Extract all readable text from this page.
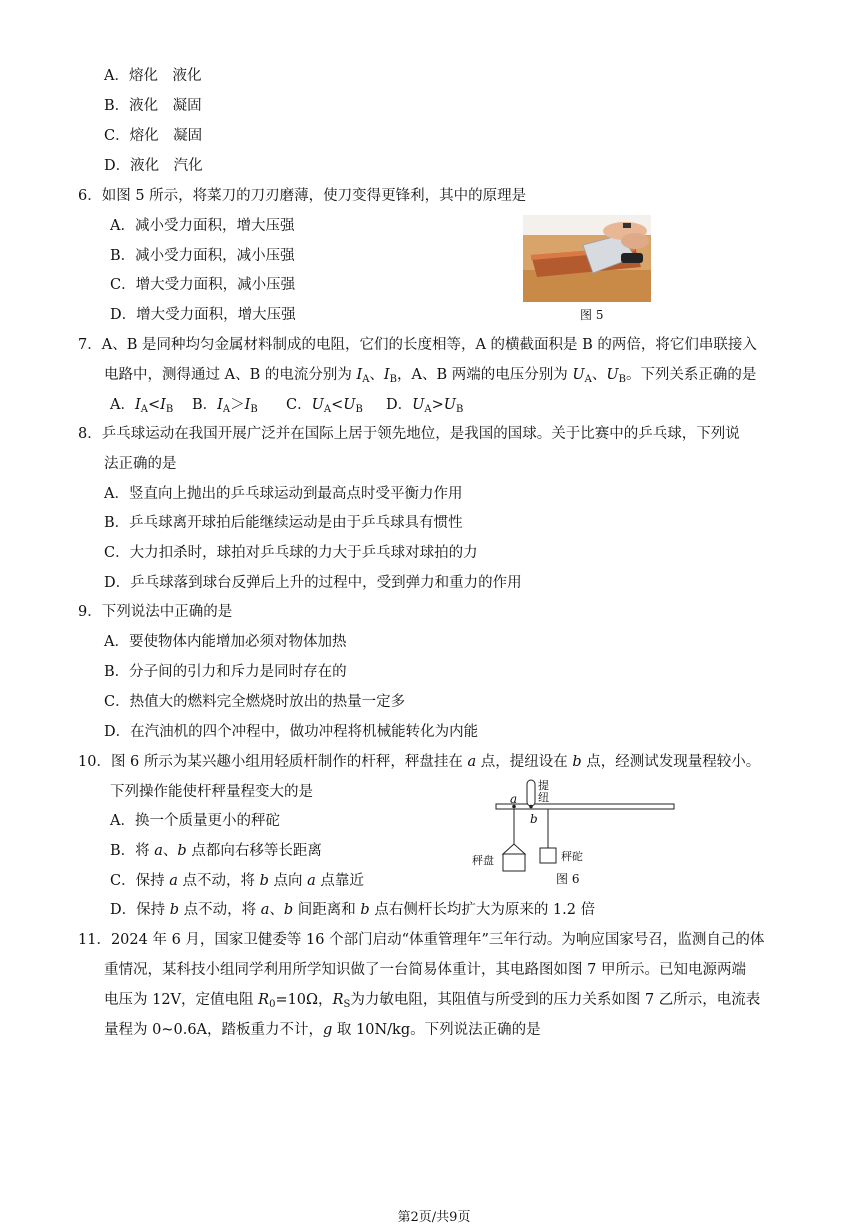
A．熔化　液化
B．液化　凝固
C．熔化　凝固
D．液化　汽化
6．如图 5 所示，将菜刀的刀刃磨薄，使刀变得更锋利，其中的原理是
A．减小受力面积，增大压强
B．减小受力面积，减小压强
C．增大受力面积，减小压强
D．增大受力面积，增大压强	图 5
7．A、B 是同种均匀金属材料制成的电阻，它们的长度相等，A 的横截面积是 B 的两倍，将它们串联接入
电路中，测得通过 A、B 的电流分别为 $I_A$、$I_B$，A、B 两端的电压分别为 $U_A$、$U_B$。下列关系正确的是
A．$I_A<I_B$ B．$I_A>I_B$ C．$U_A<U_B$ D．$U_A>U_B$
8．乒乓球运动在我国开展广泛并在国际上居于领先地位，是我国的国球。关于比赛中的乒乓球，下列说
法正确的是
A．竖直向上抛出的乒乓球运动到最高点时受平衡力作用
B．乒乓球离开球拍后能继续运动是由于乒乓球具有惯性
C．大力扣杀时，球拍对乒乓球的力大于乒乓球对球拍的力
D．乒乓球落到球台反弹后上升的过程中，受到弹力和重力的作用
9．下列说法中正确的是
A．要使物体内能增加必须对物体加热
B．分子间的引力和斥力是同时存在的
C．热值大的燃料完全燃烧时放出的热量一定多
D．在汽油机的四个冲程中，做功冲程将机械能转化为内能
10．图 6 所示为某兴趣小组用轻质杆制作的杆秤，秤盘挂在 a 点，提纽设在 b 点，经测试发现量程较小。
下列操作能使杆秤量程变大的是
A．换一个质量更小的秤砣
B．将 a、b 点都向右移等长距离
C．保持 a 点不动，将 b 点向 a 点靠近
D．保持 b 点不动，将 a、b 间距离和 b 点右侧杆长均扩大为原来的 1.2 倍
提纽
a
b
秤盘	秤砣
图 6
11．2024 年 6 月，国家卫健委等 16 个部门启动“体重管理年”三年行动。为响应国家号召，监测自己的体
重情况，某科技小组同学利用所学知识做了一台简易体重计，其电路图如图 7 甲所示。已知电源两端
电压为 12V，定值电阻 $R_0=10\Omega$，$R_S$为力敏电阻，其阻值与所受到的压力关系如图 7 乙所示，电流表
量程为 0~0.6A，踏板重力不计，g 取 10N/kg。下列说法正确的是
第2页/共9页
